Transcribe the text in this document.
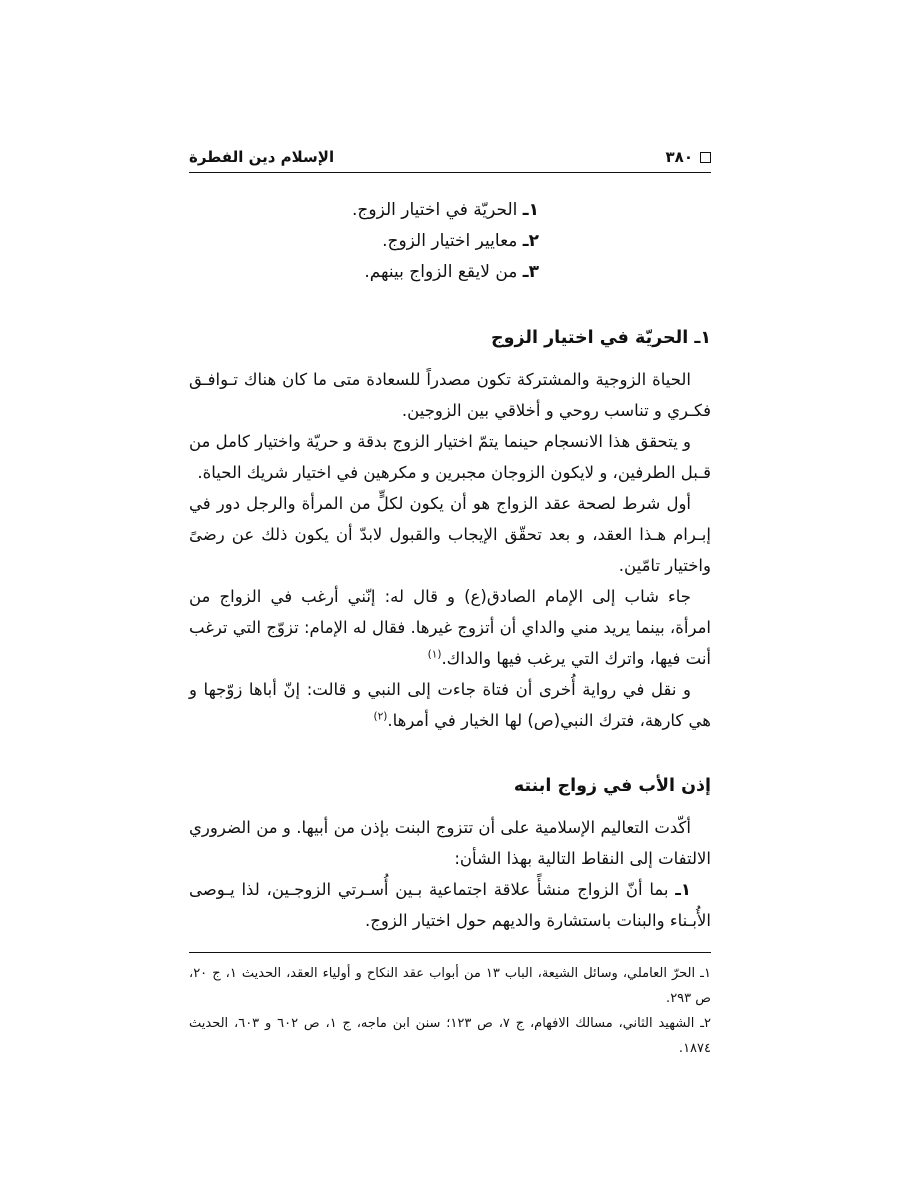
٣٨٠
الإسلام دين الفطرة
١ـ الحريّة في اختيار الزوج.
٢ـ معايير اختيار الزوج.
٣ـ من لايقع الزواج بينهم.
١ـ الحريّة في اختيار الزوج

الحياة الزوجية والمشتركة تكون مصدراً للسعادة متى ما كان هناك تـوافـق فكـري و تناسب روحي و أخلاقي بين الزوجين.

و يتحقق هذا الانسجام حينما يتمّ اختيار الزوج بدقة و حريّة واختيار كامل من قـبل الطرفين، و لايكون الزوجان مجبرين و مكرهين في اختيار شريك الحياة.

أول شرط لصحة عقد الزواج هو أن يكون لكلٍّ من المرأة والرجل دور في إبـرام هـذا العقد، و بعد تحقّق الإيجاب والقبول لابدّ أن يكون ذلك عن رضىً واختيار تامّين.

جاء شاب إلى الإمام الصادق(ع) و قال له: إنّني أرغب في الزواج من امرأة، بينما يريد مني والداي أن أتزوج غيرها. فقال له الإمام: تزوّج التي ترغب أنت فيها، واترك التي يرغب فيها والداك.$^{(١)}$

و نقل في رواية أُخرى أن فتاة جاءت إلى النبي و قالت: إنّ أباها زوّجها و هي كارهة، فترك النبي(ص) لها الخيار في أمرها.$^{(٢)}$

إذن الأب في زواج ابنته

أكّدت التعاليم الإسلامية على أن تتزوج البنت بإذن من أبيها. و من الضروري الالتفات إلى النقاط التالية بهذا الشأن:

١ـ بما أنّ الزواج منشأً علاقة اجتماعية بـين أُسـرتي الزوجـين، لذا يـوصى الأُبـناء والبنات باستشارة والديهم حول اختيار الزوج.

١ـ الحرّ العاملي، وسائل الشيعة، الباب ١٣ من أبواب عقد النكاح و أولياء العقد، الحديث ١، ج ٢٠، ص ٢٩٣.

٢ـ الشهيد الثاني، مسالك الافهام، ج ٧، ص ١٢٣؛ سنن ابن ماجه، ج ١، ص ٦٠٢ و ٦٠٣، الحديث ١٨٧٤.
